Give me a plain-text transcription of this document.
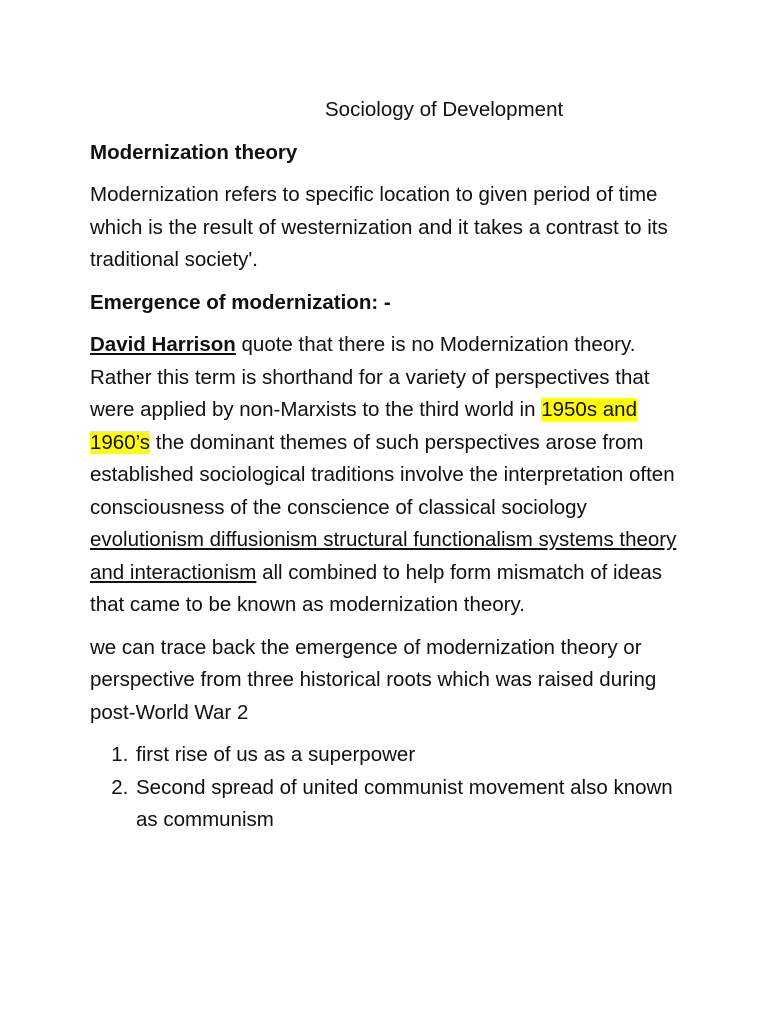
Sociology of Development
Modernization theory

Modernization refers to specific location to given period of time which is the result of westernization and it takes a contrast to its traditional society'.

Emergence of modernization: -

David Harrison quote that there is no Modernization theory. Rather this term is shorthand for a variety of perspectives that were applied by non-Marxists to the third world in 1950s and 1960’s the dominant themes of such perspectives arose from established sociological traditions involve the interpretation often consciousness of the conscience of classical sociology evolutionism diffusionism structural functionalism systems theory and interactionism all combined to help form mismatch of ideas that came to be known as modernization theory.

we can trace back the emergence of modernization theory or perspective from three historical roots which was raised during post-World War 2

1. first rise of us as a superpower
2. Second spread of united communist movement also known as communism
